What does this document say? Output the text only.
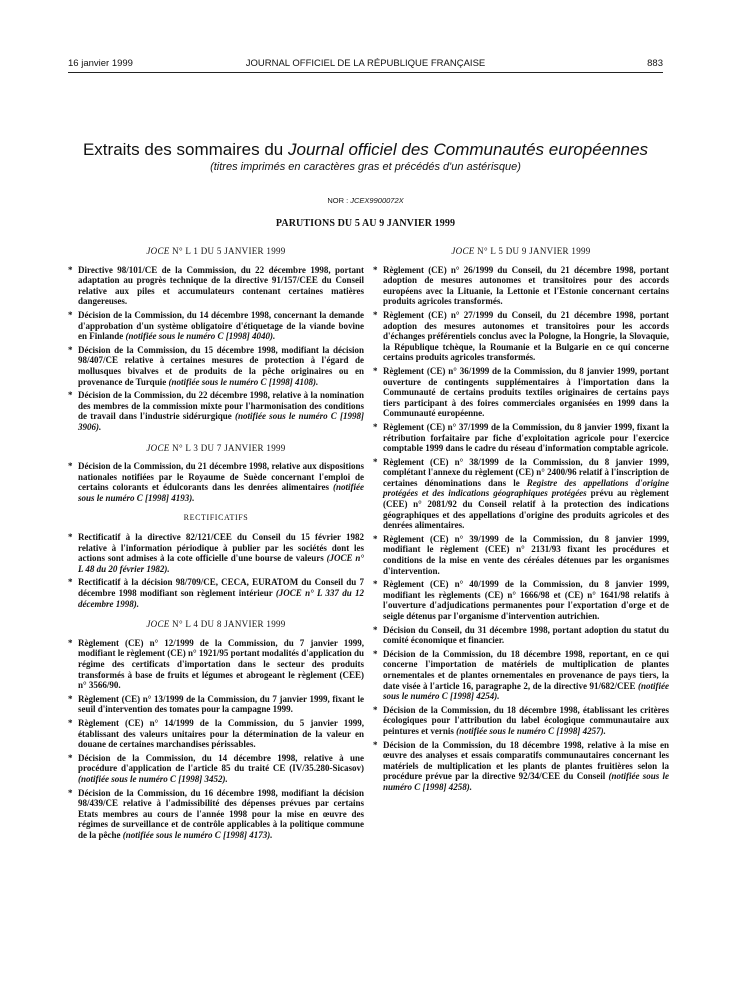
16 janvier 1999	JOURNAL OFFICIEL DE LA RÉPUBLIQUE FRANÇAISE	883
Extraits des sommaires du Journal officiel des Communautés européennes
(titres imprimés en caractères gras et précédés d'un astérisque)
NOR : JCEX9900072X
PARUTIONS DU 5 AU 9 JANVIER 1999
JOCE N° L 1 DU 5 JANVIER 1999
* Directive 98/101/CE de la Commission, du 22 décembre 1998, portant adaptation au progrès technique de la directive 91/157/CEE du Conseil relative aux piles et accumulateurs contenant certaines matières dangereuses.
* Décision de la Commission, du 14 décembre 1998, concernant la demande d'approbation d'un système obligatoire d'étiquetage de la viande bovine en Finlande (notifiée sous le numéro C [1998] 4040).
* Décision de la Commission, du 15 décembre 1998, modifiant la décision 98/407/CE relative à certaines mesures de protection à l'égard de mollusques bivalves et de produits de la pêche originaires ou en provenance de Turquie (notifiée sous le numéro C [1998] 4108).
* Décision de la Commission, du 22 décembre 1998, relative à la nomination des membres de la commission mixte pour l'harmonisation des conditions de travail dans l'industrie sidérurgique (notifiée sous le numéro C [1998] 3906).
JOCE N° L 3 DU 7 JANVIER 1999
* Décision de la Commission, du 21 décembre 1998, relative aux dispositions nationales notifiées par le Royaume de Suède concernant l'emploi de certains colorants et édulcorants dans les denrées alimentaires (notifiée sous le numéro C [1998] 4193).
RECTIFICATIFS
* Rectificatif à la directive 82/121/CEE du Conseil du 15 février 1982 relative à l'information périodique à publier par les sociétés dont les actions sont admises à la cote officielle d'une bourse de valeurs (JOCE n° L 48 du 20 février 1982).
* Rectificatif à la décision 98/709/CE, CECA, EURATOM du Conseil du 7 décembre 1998 modifiant son règlement intérieur (JOCE n° L 337 du 12 décembre 1998).
JOCE N° L 4 DU 8 JANVIER 1999
* Règlement (CE) n° 12/1999 de la Commission, du 7 janvier 1999, modifiant le règlement (CE) n° 1921/95 portant modalités d'application du régime des certificats d'importation dans le secteur des produits transformés à base de fruits et légumes et abrogeant le règlement (CEE) n° 3566/90.
* Règlement (CE) n° 13/1999 de la Commission, du 7 janvier 1999, fixant le seuil d'intervention des tomates pour la campagne 1999.
* Règlement (CE) n° 14/1999 de la Commission, du 5 janvier 1999, établissant des valeurs unitaires pour la détermination de la valeur en douane de certaines marchandises périssables.
* Décision de la Commission, du 14 décembre 1998, relative à une procédure d'application de l'article 85 du traité CE (IV/35.280-Sicasov) (notifiée sous le numéro C [1998] 3452).
* Décision de la Commission, du 16 décembre 1998, modifiant la décision 98/439/CE relative à l'admissibilité des dépenses prévues par certains Etats membres au cours de l'année 1998 pour la mise en œuvre des régimes de surveillance et de contrôle applicables à la politique commune de la pêche (notifiée sous le numéro C [1998] 4173).
JOCE N° L 5 DU 9 JANVIER 1999
* Règlement (CE) n° 26/1999 du Conseil, du 21 décembre 1998, portant adoption de mesures autonomes et transitoires pour des accords européens avec la Lituanie, la Lettonie et l'Estonie concernant certains produits agricoles transformés.
* Règlement (CE) n° 27/1999 du Conseil, du 21 décembre 1998, portant adoption des mesures autonomes et transitoires pour les accords d'échanges préférentiels conclus avec la Pologne, la Hongrie, la Slovaquie, la République tchèque, la Roumanie et la Bulgarie en ce qui concerne certains produits agricoles transformés.
* Règlement (CE) n° 36/1999 de la Commission, du 8 janvier 1999, portant ouverture de contingents supplémentaires à l'importation dans la Communauté de certains produits textiles originaires de certains pays tiers participant à des foires commerciales organisées en 1999 dans la Communauté européenne.
* Règlement (CE) n° 37/1999 de la Commission, du 8 janvier 1999, fixant la rétribution forfaitaire par fiche d'exploitation agricole pour l'exercice comptable 1999 dans le cadre du réseau d'information comptable agricole.
* Règlement (CE) n° 38/1999 de la Commission, du 8 janvier 1999, complétant l'annexe du règlement (CE) n° 2400/96 relatif à l'inscription de certaines dénominations dans le Registre des appellations d'origine protégées et des indications géographiques protégées prévu au règlement (CEE) n° 2081/92 du Conseil relatif à la protection des indications géographiques et des appellations d'origine des produits agricoles et des denrées alimentaires.
* Règlement (CE) n° 39/1999 de la Commission, du 8 janvier 1999, modifiant le règlement (CEE) n° 2131/93 fixant les procédures et conditions de la mise en vente des céréales détenues par les organismes d'intervention.
* Règlement (CE) n° 40/1999 de la Commission, du 8 janvier 1999, modifiant les règlements (CE) n° 1666/98 et (CE) n° 1641/98 relatifs à l'ouverture d'adjudications permanentes pour l'exportation d'orge et de seigle détenus par l'organisme d'intervention autrichien.
* Décision du Conseil, du 31 décembre 1998, portant adoption du statut du comité économique et financier.
* Décision de la Commission, du 18 décembre 1998, reportant, en ce qui concerne l'importation de matériels de multiplication de plantes ornementales et de plantes ornementales en provenance de pays tiers, la date visée à l'article 16, paragraphe 2, de la directive 91/682/CEE (notifiée sous le numéro C [1998] 4254).
* Décision de la Commission, du 18 décembre 1998, établissant les critères écologiques pour l'attribution du label écologique communautaire aux peintures et vernis (notifiée sous le numéro C [1998] 4257).
* Décision de la Commission, du 18 décembre 1998, relative à la mise en œuvre des analyses et essais comparatifs communautaires concernant les matériels de multiplication et les plants de plantes fruitières selon la procédure prévue par la directive 92/34/CEE du Conseil (notifiée sous le numéro C [1998] 4258).
